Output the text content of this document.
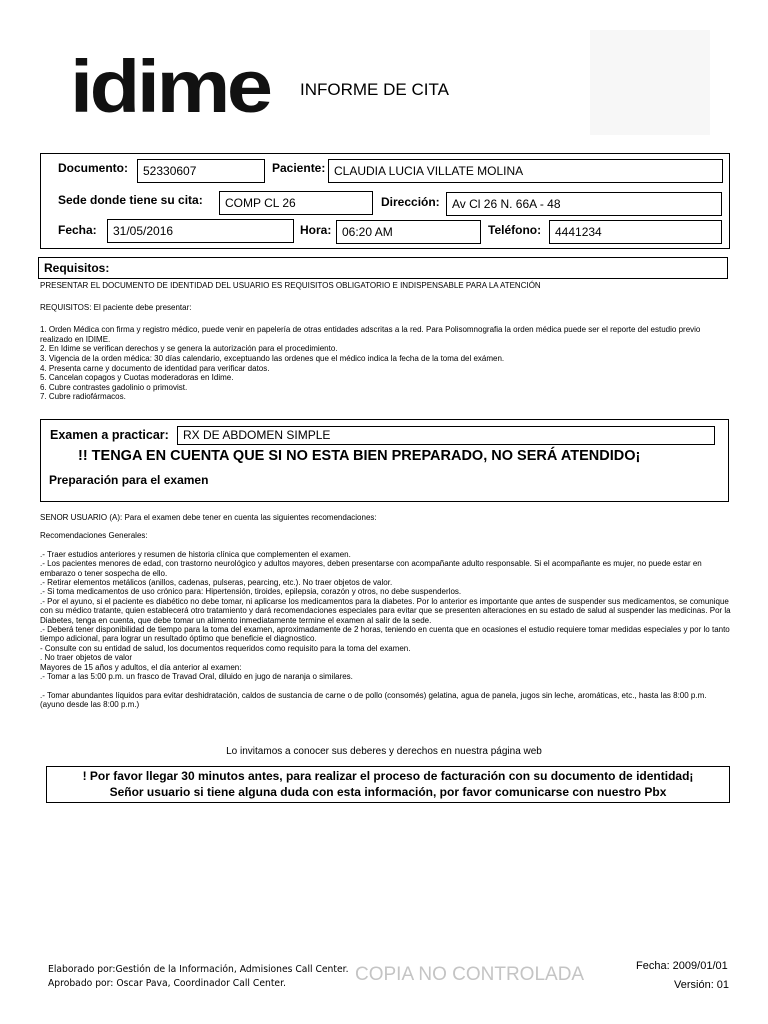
idime INFORME DE CITA
Documento:	52330607	Paciente: CLAUDIA LUCIA VILLATE MOLINA
Sede donde tiene su cita:	COMP CL 26	Dirección:	Av Cl 26 N. 66A - 48
Fecha:	31/05/2016	Hora: 06:20 AM	Teléfono:	4441234
Requisitos:

PRESENTAR EL DOCUMENTO DE IDENTIDAD DEL USUARIO ES REQUISITOS OBLIGATORIO E INDISPENSABLE PARA LA ATENCIÓN

REQUISITOS: El paciente debe presentar:

1. Orden Médica con firma y registro médico, puede venir en papelería de otras entidades adscritas a la red. Para Polisomnografia la orden médica puede ser el reporte del estudio previo realizado en IDIME.

2. En Idime se verifican derechos y se genera la autorización para el procedimiento.

3. Vigencia de la orden médica: 30 días calendario, exceptuando las ordenes que el médico indica la fecha de la toma del exámen.

4. Presenta carne y documento de identidad para verificar datos.

5. Cancelan copagos y Cuotas moderadoras en Idime.

6. Cubre contrastes gadolinio o primovist.

7. Cubre radiofármacos.

Examen a practicar:	RX DE ABDOMEN SIMPLE
!! TENGA EN CUENTA QUE SI NO ESTA BIEN PREPARADO, NO SERÁ ATENDIDO¡
Preparación para el examen

SENOR USUARIO (A): Para el examen debe tener en cuenta las siguientes recomendaciones:

Recomendaciones Generales:

.- Traer estudios anteriores y resumen de historia clínica que complementen el examen.

.- Los pacientes menores de edad, con trastorno neurológico y adultos mayores, deben presentarse con acompañante adulto responsable. Si el acompañante es mujer, no puede estar en embarazo o tener sospecha de ello.

.- Retirar elementos metálicos (anillos, cadenas, pulseras, pearcing, etc.). No traer objetos de valor.

.- Si toma medicamentos de uso crónico para: Hipertensión, tiroides, epilepsia, corazón y otros, no debe suspenderlos.

.- Por el ayuno, si el paciente es diabético no debe tomar, ni aplicarse los medicamentos para la diabetes. Por lo anterior es importante que antes de suspender sus medicamentos, se comunique con su médico tratante, quien establecerá otro tratamiento y dará recomendaciones especiales para evitar que se presenten alteraciones en su estado de salud al suspender las medicinas. Por la Diabetes, tenga en cuenta, que debe tomar un alimento inmediatamente termine el examen al salir de la sede.

.- Deberá tener disponibilidad de tiempo para la toma del examen, aproximadamente de 2 horas, teniendo en cuenta que en ocasiones el estudio requiere tomar medidas especiales y por lo tanto tiempo adicional, para lograr un resultado óptimo que beneficie el diagnostico.

- Consulte con su entidad de salud, los documentos requeridos como requisito para la toma del examen.

. No traer objetos de valor

Mayores de 15 años y adultos, el día anterior al examen:

.- Tomar a las 5:00 p.m. un frasco de Travad Oral, diluido en jugo de naranja o similares.

.- Tomar abundantes líquidos para evitar deshidratación, caldos de sustancia de carne o de pollo (consomés) gelatina, agua de panela, jugos sin leche, aromáticas, etc., hasta las 8:00 p.m. (ayuno desde las 8:00 p.m.)

Lo invitamos a conocer sus deberes y derechos en nuestra página web
! Por favor llegar 30 minutos antes, para realizar el proceso de facturación con su documento de identidad¡
Señor usuario si tiene alguna duda con esta información, por favor comunicarse con nuestro Pbx
Elaborado por:Gestión de la Información, Admisiones Call Center.
Aprobado por: Oscar Pava, Coordinador Call Center.	COPIA NO CONTROLADA	Fecha: 2009/01/01
Versión: 01
